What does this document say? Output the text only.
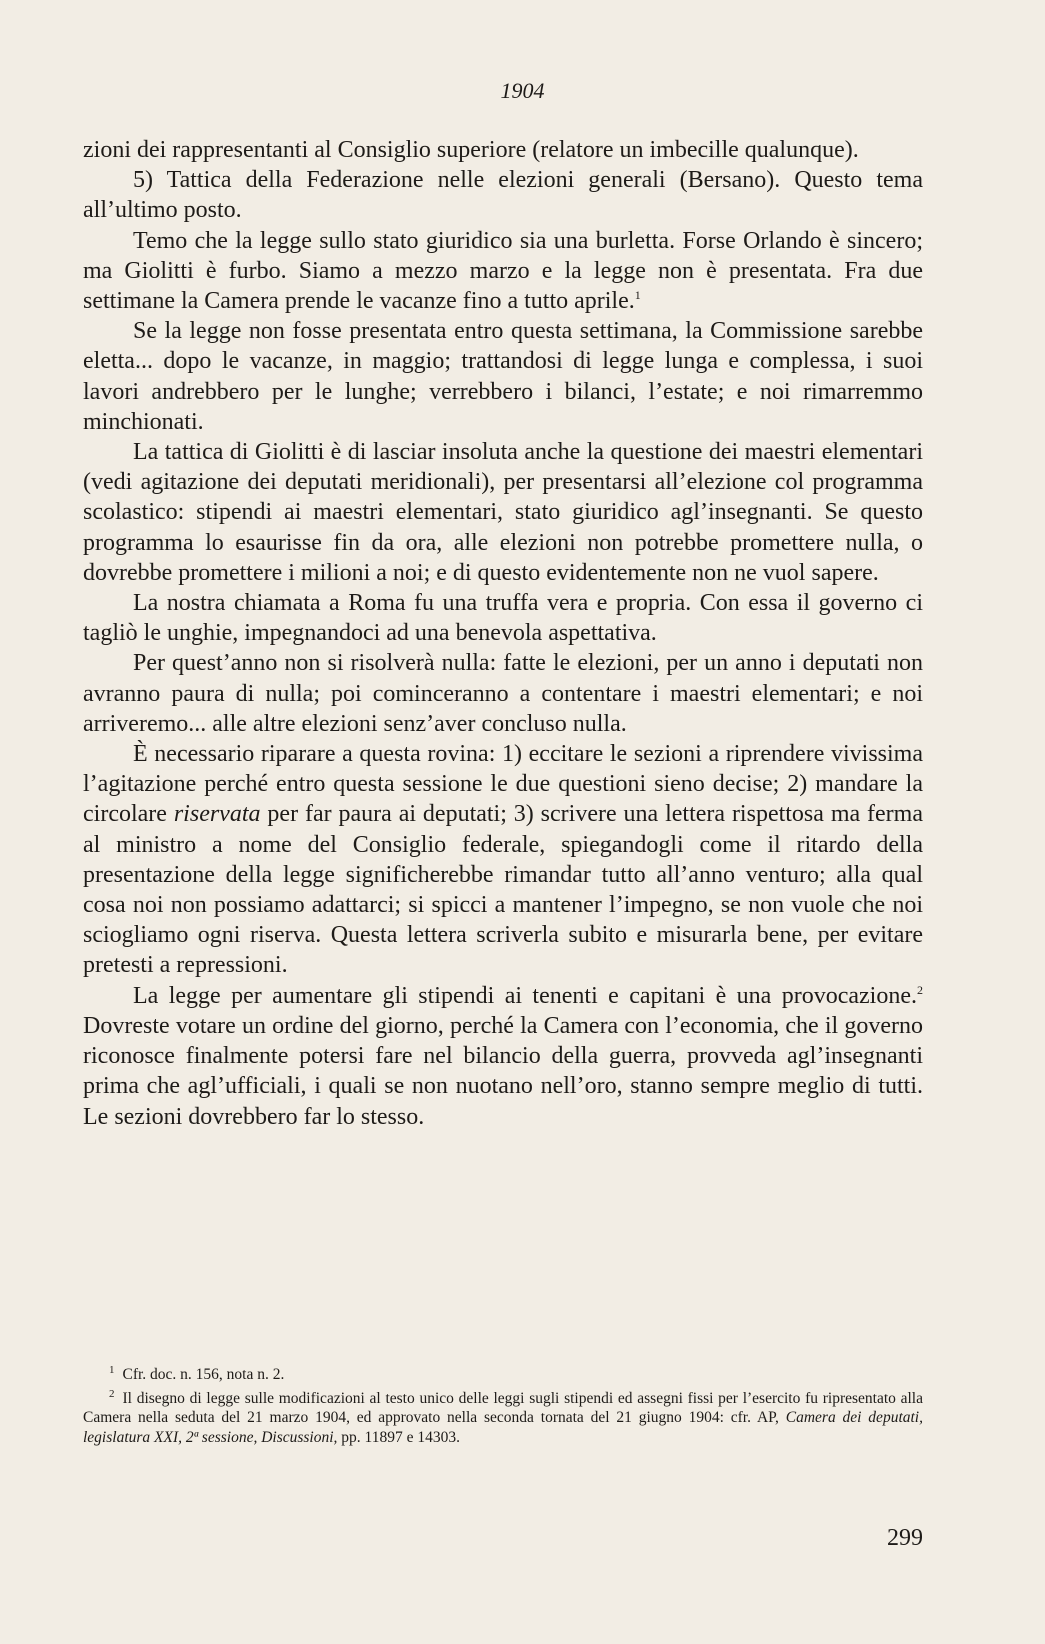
1904

zioni dei rappresentanti al Consiglio superiore (relatore un imbecille qualunque).

5) Tattica della Federazione nelle elezioni generali (Bersano). Questo tema all’ultimo posto.

Temo che la legge sullo stato giuridico sia una burletta. Forse Orlando è sincero; ma Giolitti è furbo. Siamo a mezzo marzo e la legge non è presentata. Fra due settimane la Camera prende le vacanze fino a tutto aprile.$^1$

Se la legge non fosse presentata entro questa settimana, la Commissione sarebbe eletta... dopo le vacanze, in maggio; trattandosi di legge lunga e complessa, i suoi lavori andrebbero per le lunghe; verrebbero i bilanci, l’estate; e noi rimarremmo minchionati.

La tattica di Giolitti è di lasciar insoluta anche la questione dei maestri elementari (vedi agitazione dei deputati meridionali), per presentarsi all’elezione col programma scolastico: stipendi ai maestri elementari, stato giuridico agl’insegnanti. Se questo programma lo esaurisse fin da ora, alle elezioni non potrebbe promettere nulla, o dovrebbe promettere i milioni a noi; e di questo evidentemente non ne vuol sapere.

La nostra chiamata a Roma fu una truffa vera e propria. Con essa il governo ci tagliò le unghie, impegnandoci ad una benevola aspettativa.

Per quest’anno non si risolverà nulla: fatte le elezioni, per un anno i deputati non avranno paura di nulla; poi cominceranno a contentare i maestri elementari; e noi arriveremo... alle altre elezioni senz’aver concluso nulla.

È necessario riparare a questa rovina: 1) eccitare le sezioni a riprendere vivissima l’agitazione perché entro questa sessione le due questioni sieno decise; 2) mandare la circolare riservata per far paura ai deputati; 3) scrivere una lettera rispettosa ma ferma al ministro a nome del Consiglio federale, spiegandogli come il ritardo della presentazione della legge significherebbe rimandar tutto all’anno venturo; alla qual cosa noi non possiamo adattarci; si spicci a mantener l’impegno, se non vuole che noi sciogliamo ogni riserva. Questa lettera scriverla subito e misurarla bene, per evitare pretesti a repressioni.

La legge per aumentare gli stipendi ai tenenti e capitani è una provocazione.$^2$ Dovreste votare un ordine del giorno, perché la Camera con l’economia, che il governo riconosce finalmente potersi fare nel bilancio della guerra, provveda agl’insegnanti prima che agl’ufficiali, i quali se non nuotano nell’oro, stanno sempre meglio di tutti. Le sezioni dovrebbero far lo stesso.

$^1$ Cfr. doc. n. 156, nota n. 2.

$^2$ Il disegno di legge sulle modificazioni al testo unico delle leggi sugli stipendi ed assegni fissi per l’esercito fu ripresentato alla Camera nella seduta del 21 marzo 1904, ed approvato nella seconda tornata del 21 giugno 1904: cfr. AP, Camera dei deputati, legislatura XXI, 2ª sessione, Discussioni, pp. 11897 e 14303.

299
